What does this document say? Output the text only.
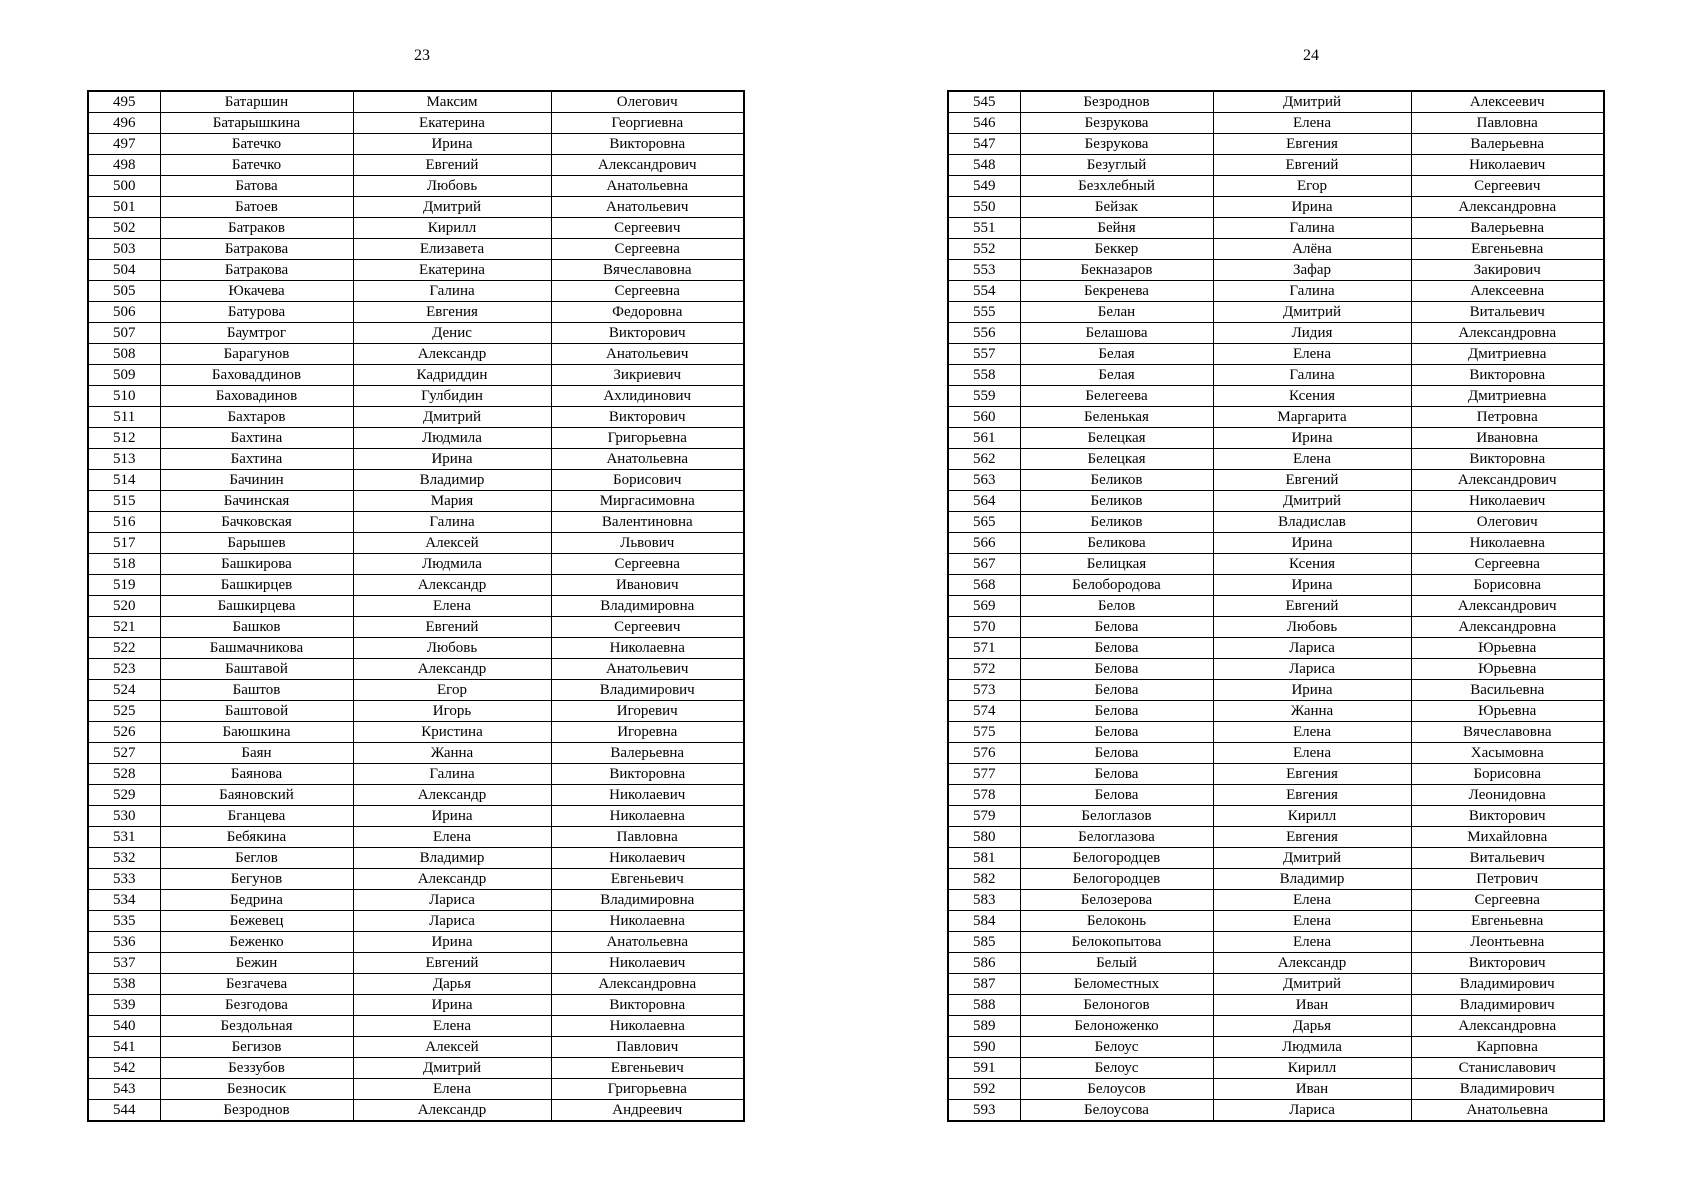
23
495	Батаршин	Максим	Олегович
496	Батарышкина	Екатерина	Георгиевна
497	Батечко	Ирина	Викторовна
498	Батечко	Евгений	Александрович
500	Батова	Любовь	Анатольевна
501	Батоев	Дмитрий	Анатольевич
502	Батраков	Кирилл	Сергеевич
503	Батракова	Елизавета	Сергеевна
504	Батракова	Екатерина	Вячеславовна
505	Юкачева	Галина	Сергеевна
506	Батурова	Евгения	Федоровна
507	Баумтрог	Денис	Викторович
508	Барагунов	Александр	Анатольевич
509	Баховаддинов	Кадриддин	Зикриевич
510	Баховадинов	Гулбидин	Ахлидинович
511	Бахтаров	Дмитрий	Викторович
512	Бахтина	Людмила	Григорьевна
513	Бахтина	Ирина	Анатольевна
514	Бачинин	Владимир	Борисович
515	Бачинская	Мария	Миргасимовна
516	Бачковская	Галина	Валентиновна
517	Барышев	Алексей	Львович
518	Башкирова	Людмила	Сергеевна
519	Башкирцев	Александр	Иванович
520	Башкирцева	Елена	Владимировна
521	Башков	Евгений	Сергеевич
522	Башмачникова	Любовь	Николаевна
523	Баштавой	Александр	Анатольевич
524	Баштов	Егор	Владимирович
525	Баштовой	Игорь	Игоревич
526	Баюшкина	Кристина	Игоревна
527	Баян	Жанна	Валерьевна
528	Баянова	Галина	Викторовна
529	Баяновский	Александр	Николаевич
530	Бганцева	Ирина	Николаевна
531	Бебякина	Елена	Павловна
532	Беглов	Владимир	Николаевич
533	Бегунов	Александр	Евгеньевич
534	Бедрина	Лариса	Владимировна
535	Бежевец	Лариса	Николаевна
536	Беженко	Ирина	Анатольевна
537	Бежин	Евгений	Николаевич
538	Безгачева	Дарья	Александровна
539	Безгодова	Ирина	Викторовна
540	Бездольная	Елена	Николаевна
541	Бегизов	Алексей	Павлович
542	Беззубов	Дмитрий	Евгеньевич
543	Безносик	Елена	Григорьевна
544	Безроднов	Александр	Андреевич
24
545	Безроднов	Дмитрий	Алексеевич
546	Безрукова	Елена	Павловна
547	Безрукова	Евгения	Валерьевна
548	Безуглый	Евгений	Николаевич
549	Безхлебный	Егор	Сергеевич
550	Бейзак	Ирина	Александровна
551	Бейня	Галина	Валерьевна
552	Беккер	Алёна	Евгеньевна
553	Бекназаров	Зафар	Закирович
554	Бекренева	Галина	Алексеевна
555	Белан	Дмитрий	Витальевич
556	Белашова	Лидия	Александровна
557	Белая	Елена	Дмитриевна
558	Белая	Галина	Викторовна
559	Белегеева	Ксения	Дмитриевна
560	Беленькая	Маргарита	Петровна
561	Белецкая	Ирина	Ивановна
562	Белецкая	Елена	Викторовна
563	Беликов	Евгений	Александрович
564	Беликов	Дмитрий	Николаевич
565	Беликов	Владислав	Олегович
566	Беликова	Ирина	Николаевна
567	Белицкая	Ксения	Сергеевна
568	Белобородова	Ирина	Борисовна
569	Белов	Евгений	Александрович
570	Белова	Любовь	Александровна
571	Белова	Лариса	Юрьевна
572	Белова	Лариса	Юрьевна
573	Белова	Ирина	Васильевна
574	Белова	Жанна	Юрьевна
575	Белова	Елена	Вячеславовна
576	Белова	Елена	Хасымовна
577	Белова	Евгения	Борисовна
578	Белова	Евгения	Леонидовна
579	Белоглазов	Кирилл	Викторович
580	Белоглазова	Евгения	Михайловна
581	Белогородцев	Дмитрий	Витальевич
582	Белогородцев	Владимир	Петрович
583	Белозерова	Елена	Сергеевна
584	Белоконь	Елена	Евгеньевна
585	Белокопытова	Елена	Леонтьевна
586	Белый	Александр	Викторович
587	Беломестных	Дмитрий	Владимирович
588	Белоногов	Иван	Владимирович
589	Белоноженко	Дарья	Александровна
590	Белоус	Людмила	Карповна
591	Белоус	Кирилл	Станиславович
592	Белоусов	Иван	Владимирович
593	Белоусова	Лариса	Анатольевна
